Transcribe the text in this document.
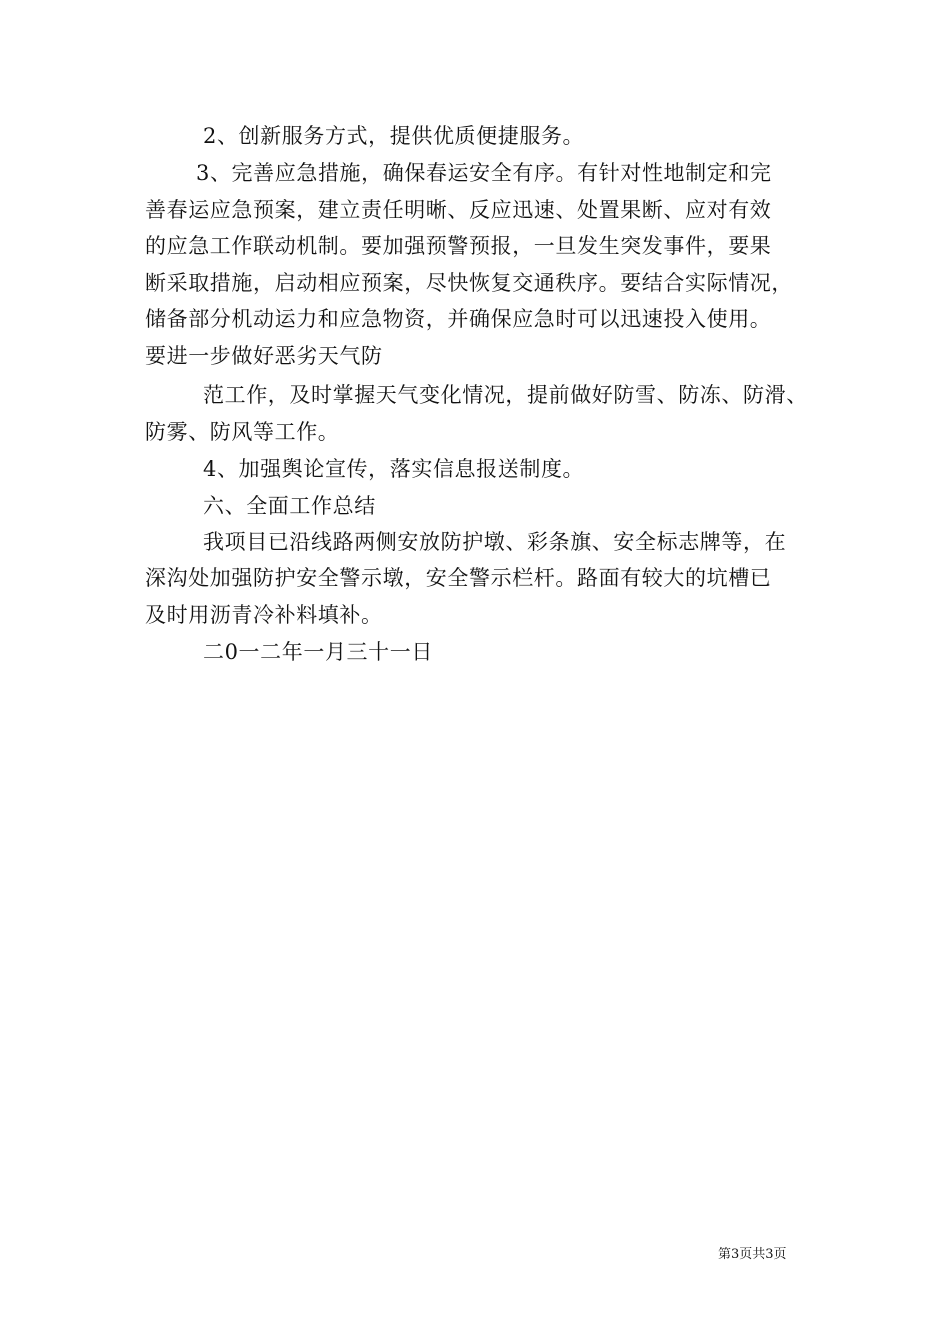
2、创新服务方式，提供优质便捷服务。
3、完善应急措施，确保春运安全有序。有针对性地制定和完
善春运应急预案，建立责任明晰、反应迅速、处置果断、应对有效
的应急工作联动机制。要加强预警预报，一旦发生突发事件，要果
断采取措施，启动相应预案，尽快恢复交通秩序。要结合实际情况，
储备部分机动运力和应急物资，并确保应急时可以迅速投入使用。
要进一步做好恶劣天气防
范工作，及时掌握天气变化情况，提前做好防雪、防冻、防滑、
防雾、防风等工作。
4、加强舆论宣传，落实信息报送制度。
六、全面工作总结
我项目已沿线路两侧安放防护墩、彩条旗、安全标志牌等，在
深沟处加强防护安全警示墩，安全警示栏杆。路面有较大的坑槽已
及时用沥青冷补料填补。
二0一二年一月三十一日
第3页共3页
